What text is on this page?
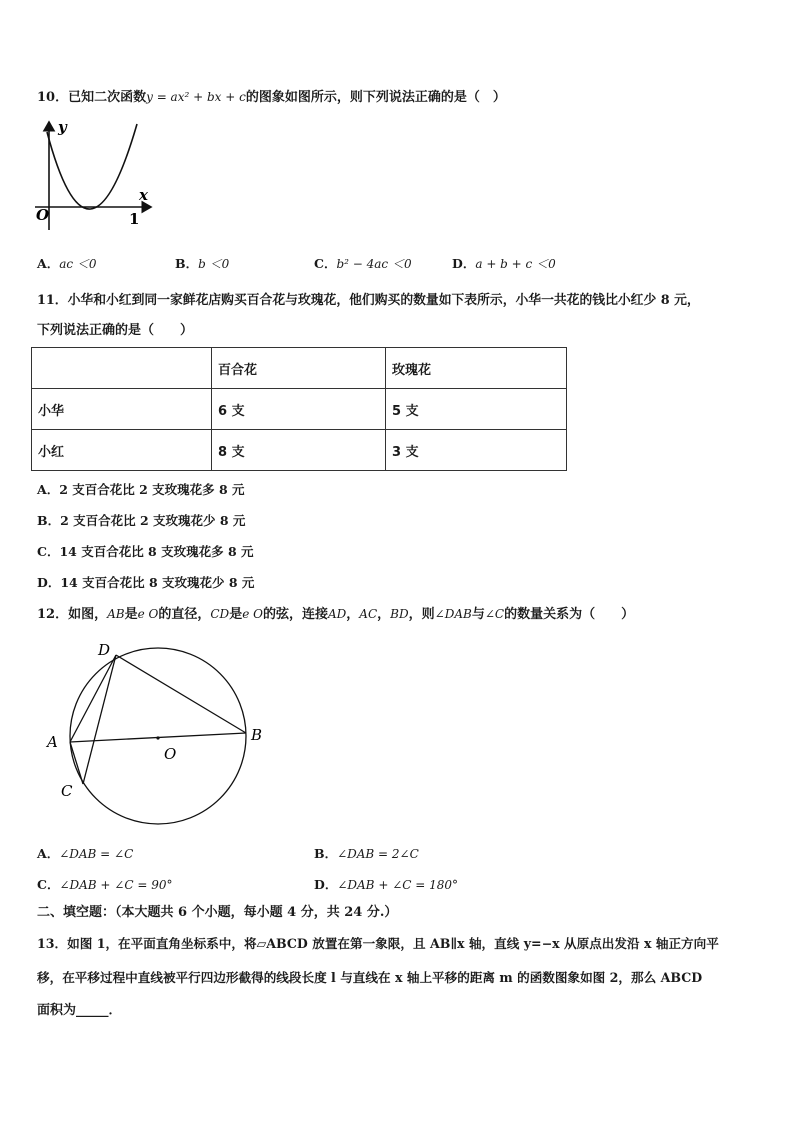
10．已知二次函数y = ax² + bx + c的图象如图所示，则下列说法正确的是（　）
y
x
O	1
A．ac ＜0	B．b ＜0	C．b² − 4ac ＜0	D．a + b + c ＜0
11．小华和小红到同一家鲜花店购买百合花与玫瑰花，他们购买的数量如下表所示，小华一共花的钱比小红少 8 元，
下列说法正确的是（　　）
	百合花	玫瑰花
小华	6 支	5 支
小红	8 支	3 支
A．2 支百合花比 2 支玫瑰花多 8 元
B．2 支百合花比 2 支玫瑰花少 8 元
C．14 支百合花比 8 支玫瑰花多 8 元
D．14 支百合花比 8 支玫瑰花少 8 元
12．如图，AB是e O的直径，CD是e O的弦，连接AD，AC，BD，则∠DAB与∠C的数量关系为（　　）
D
A	B
O
C
A．∠DAB = ∠C	B．∠DAB = 2∠C
C．∠DAB + ∠C = 90°	D．∠DAB + ∠C = 180°
二、填空题：（本大题共 6 个小题，每小题 4 分，共 24 分.）
13．如图 1，在平面直角坐标系中，将▱ABCD 放置在第一象限，且 AB∥x 轴，直线 y=−x 从原点出发沿 x 轴正方向平
移，在平移过程中直线被平行四边形截得的线段长度 l 与直线在 x 轴上平移的距离 m 的函数图象如图 2，那么 ABCD
面积为_____．
